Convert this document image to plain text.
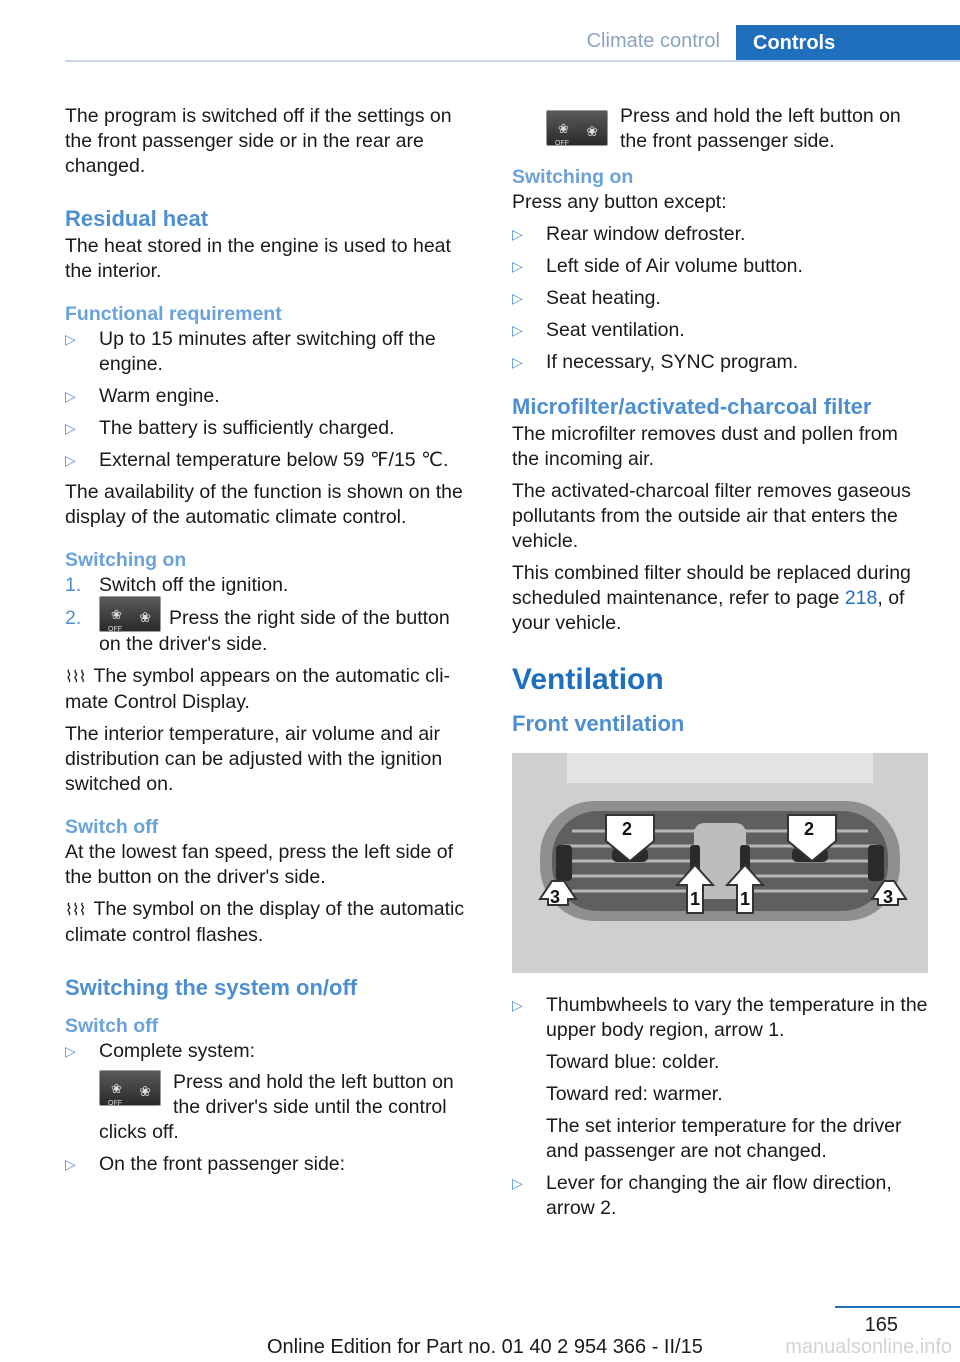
Climate control	Controls

The program is switched off if the settings on the front passenger side or in the rear are changed.

Residual heat

The heat stored in the engine is used to heat the interior.

Functional requirement
▷ Up to 15 minutes after switching off the engine.
▷ Warm engine.
▷ The battery is sufficiently charged.
▷ External temperature below 59 ℉/15 ℃.

The availability of the function is shown on the display of the automatic climate control.

Switching on
1. Switch off the ignition.
2. ❀
OFF
❀ Press the right side of the button on the driver's side.

⌇⌇⌇ The symbol appears on the automatic climate Control Display.

The interior temperature, air volume and air distribution can be adjusted with the ignition switched on.

Switch off

At the lowest fan speed, press the left side of the button on the driver's side.

⌇⌇⌇ The symbol on the display of the automatic climate control flashes.

Switching the system on/off
Switch off
▷ Complete system:
❀
OFF
❀ Press and hold the left button on the driver's side until the control clicks off.
▷ On the front passenger side:
❀
OFF
❀
Press and hold the left button on the front passenger side.
Switching on

Press any button except:

▷ Rear window defroster.
▷ Left side of Air volume button.
▷ Seat heating.
▷ Seat ventilation.
▷ If necessary, SYNC program.
Microfilter/activated-charcoal filter

The microfilter removes dust and pollen from the incoming air.

The activated-charcoal filter removes gaseous pollutants from the outside air that enters the vehicle.

This combined filter should be replaced during scheduled maintenance, refer to page 218, of your vehicle.

Ventilation
Front ventilation
2	2
3	3
1 1
▷ Thumbwheels to vary the temperature in the upper body region, arrow 1.
Toward blue: colder.
Toward red: warmer.
The set interior temperature for the driver and passenger are not changed.
▷ Lever for changing the air flow direction, arrow 2.
165
Online Edition for Part no. 01 40 2 954 366 - II/15	manualsonline.info
